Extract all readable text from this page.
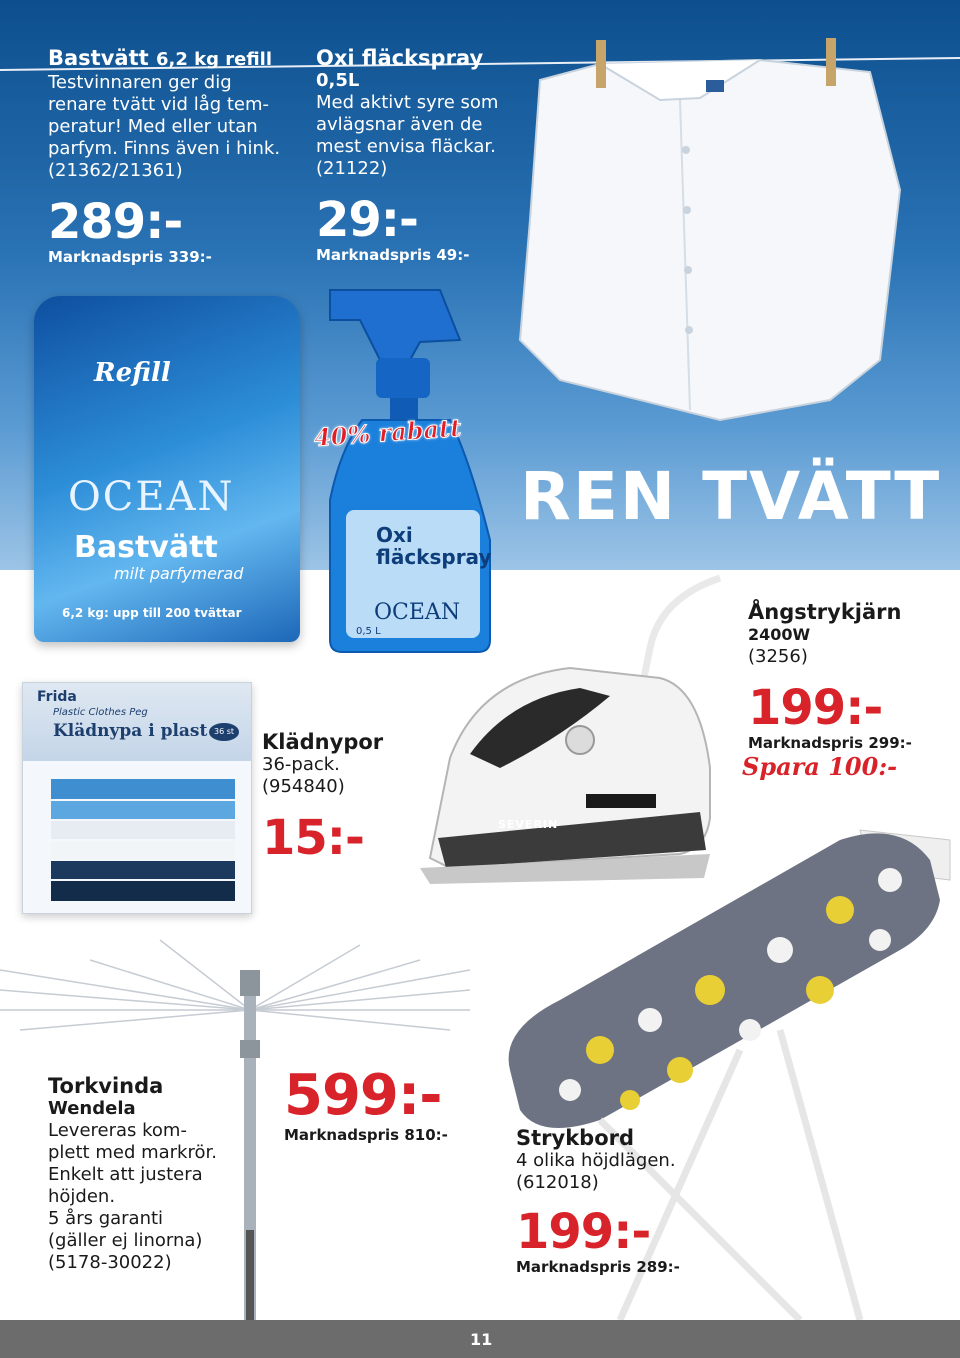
REN TVÄTT
Bastvätt 6,2 kg refill
Testvinnaren ger dig
renare tvätt vid låg tem-
peratur! Med eller utan
parfym. Finns även i hink.
(21362/21361)
289:-
Marknadspris 339:-
Oxi fläckspray
0,5L
Med aktivt syre som
avlägsnar även de
mest envisa fläckar.
(21122)
29:-
Marknadspris 49:-
Refill
OCEAN
Bastvätt
milt parfymerad
6,2 kg: upp till 200 tvättar
Oxi
fläckspray
OCEAN
0,5 L
40% rabatt
Frida
Plastic Clothes Peg
Klädnypa i plast 36 st Klädnypor
36-pack.
(954840)
15:-	SEVERIN
Ångstrykjärn
2400W
(3256)
199:-
Marknadspris 299:-
Spara 100:-
Torkvinda
Wendela
Levereras kom-
plett med markrör.
Enkelt att justera
höjden.
5 års garanti
(gäller ej linorna)
(5178-30022)
599:-
Marknadspris 810:-	Strykbord
4 olika höjdlägen.
(612018)
199:-
Marknadspris 289:-
11
